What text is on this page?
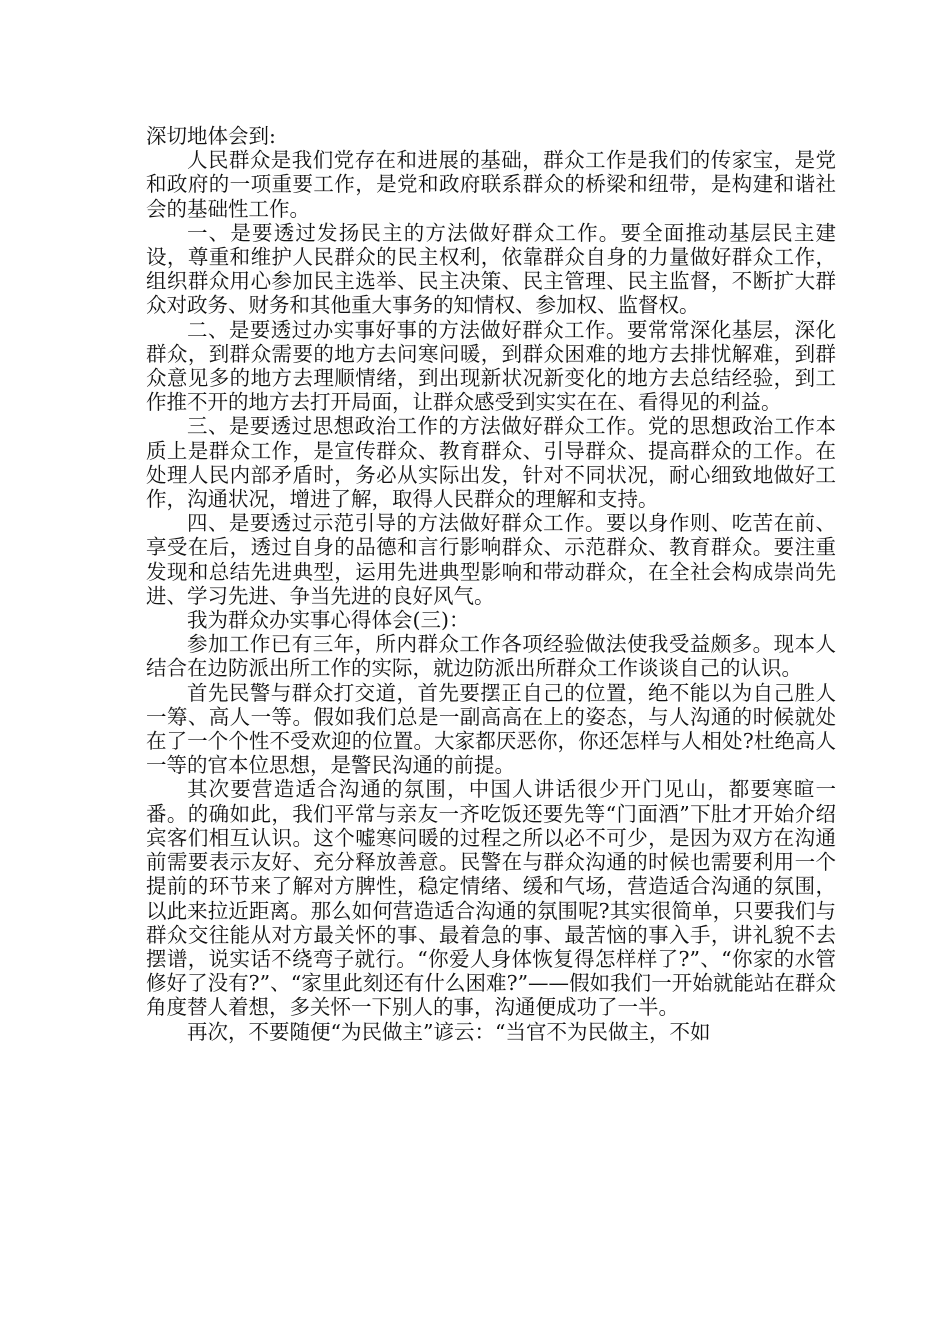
深切地体会到:

人民群众是我们党存在和进展的基础，群众工作是我们的传家宝，是党和政府的一项重要工作，是党和政府联系群众的桥梁和纽带，是构建和谐社会的基础性工作。

一、是要透过发扬民主的方法做好群众工作。要全面推动基层民主建设，尊重和维护人民群众的民主权利，依靠群众自身的力量做好群众工作，组织群众用心参加民主选举、民主决策、民主管理、民主监督，不断扩大群众对政务、财务和其他重大事务的知情权、参加权、监督权。

二、是要透过办实事好事的方法做好群众工作。要常常深化基层，深化群众，到群众需要的地方去问寒问暖，到群众困难的地方去排忧解难，到群众意见多的地方去理顺情绪，到出现新状况新变化的地方去总结经验，到工作推不开的地方去打开局面，让群众感受到实实在在、看得见的利益。

三、是要透过思想政治工作的方法做好群众工作。党的思想政治工作本质上是群众工作，是宣传群众、教育群众、引导群众、提高群众的工作。在处理人民内部矛盾时，务必从实际出发，针对不同状况，耐心细致地做好工作，沟通状况，增进了解，取得人民群众的理解和支持。

四、是要透过示范引导的方法做好群众工作。要以身作则、吃苦在前、享受在后，透过自身的品德和言行影响群众、示范群众、教育群众。要注重发现和总结先进典型，运用先进典型影响和带动群众，在全社会构成崇尚先进、学习先进、争当先进的良好风气。

我为群众办实事心得体会(三)：

参加工作已有三年，所内群众工作各项经验做法使我受益颇多。现本人结合在边防派出所工作的实际，就边防派出所群众工作谈谈自己的认识。

首先民警与群众打交道，首先要摆正自己的位置，绝不能以为自己胜人一筹、高人一等。假如我们总是一副高高在上的姿态，与人沟通的时候就处在了一个个性不受欢迎的位置。大家都厌恶你，你还怎样与人相处?杜绝高人一等的官本位思想，是警民沟通的前提。

其次要营造适合沟通的氛围，中国人讲话很少开门见山，都要寒暄一番。的确如此，我们平常与亲友一齐吃饭还要先等“门面酒”下肚才开始介绍宾客们相互认识。这个嘘寒问暖的过程之所以必不可少，是因为双方在沟通前需要表示友好、充分释放善意。民警在与群众沟通的时候也需要利用一个提前的环节来了解对方脾性，稳定情绪、缓和气场，营造适合沟通的氛围，以此来拉近距离。那么如何营造适合沟通的氛围呢?其实很简单，只要我们与群众交往能从对方最关怀的事、最着急的事、最苦恼的事入手，讲礼貌不去摆谱，说实话不绕弯子就行。“你爱人身体恢复得怎样样了?”、“你家的水管修好了没有?”、“家里此刻还有什么困难?”——假如我们一开始就能站在群众角度替人着想，多关怀一下别人的事，沟通便成功了一半。

再次，不要随便“为民做主”谚云：“当官不为民做主，不如
